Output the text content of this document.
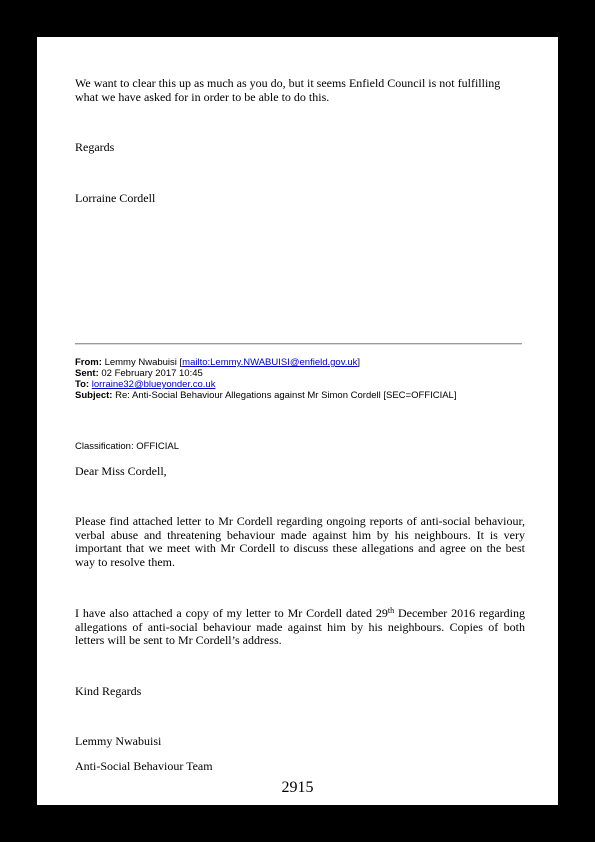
We want to clear this up as much as you do, but it seems Enfield Council is not fulfilling what we have asked for in order to be able to do this.

Regards

Lorraine Cordell

From: Lemmy Nwabuisi [mailto:Lemmy.NWABUISI@enfield.gov.uk]
Sent: 02 February 2017 10:45
To: lorraine32@blueyonder.co.uk
Subject: Re: Anti-Social Behaviour Allegations against Mr Simon Cordell [SEC=OFFICIAL]

Classification: OFFICIAL

Dear Miss Cordell,

Please find attached letter to Mr Cordell regarding ongoing reports of anti-social behaviour, verbal abuse and threatening behaviour made against him by his neighbours. It is very important that we meet with Mr Cordell to discuss these allegations and agree on the best way to resolve them.

I have also attached a copy of my letter to Mr Cordell dated 29th December 2016 regarding allegations of anti-social behaviour made against him by his neighbours. Copies of both letters will be sent to Mr Cordell’s address.

Kind Regards

Lemmy Nwabuisi

Anti-Social Behaviour Team

2915
